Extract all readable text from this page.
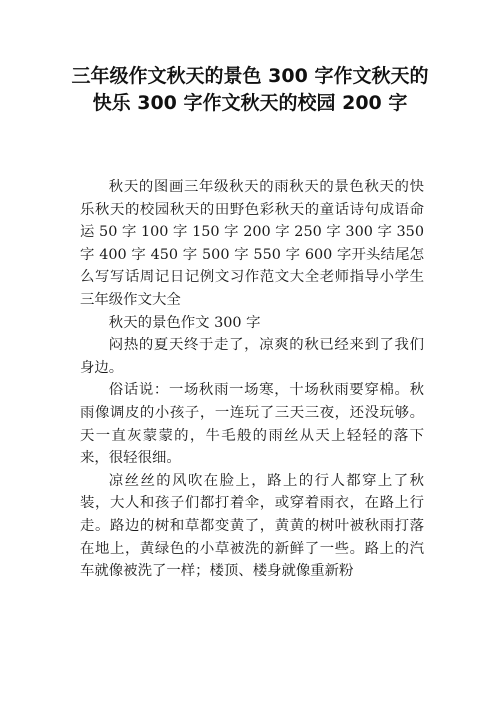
三年级作文秋天的景色 300 字作文秋天的快乐 300 字作文秋天的校园 200 字

秋天的图画三年级秋天的雨秋天的景色秋天的快乐秋天的校园秋天的田野色彩秋天的童话诗句成语命运 50 字 100 字 150 字 200 字 250 字 300 字 350 字 400 字 450 字 500 字 550 字 600 字开头结尾怎么写写话周记日记例文习作范文大全老师指导小学生三年级作文大全

秋天的景色作文 300 字

闷热的夏天终于走了，凉爽的秋已经来到了我们身边。

俗话说：一场秋雨一场寒，十场秋雨要穿棉。秋雨像调皮的小孩子，一连玩了三天三夜，还没玩够。天一直灰蒙蒙的，牛毛般的雨丝从天上轻轻的落下来，很轻很细。

凉丝丝的风吹在脸上，路上的行人都穿上了秋装，大人和孩子们都打着伞，或穿着雨衣，在路上行走。路边的树和草都变黄了，黄黄的树叶被秋雨打落在地上，黄绿色的小草被洗的新鲜了一些。路上的汽车就像被洗了一样；楼顶、楼身就像重新粉
